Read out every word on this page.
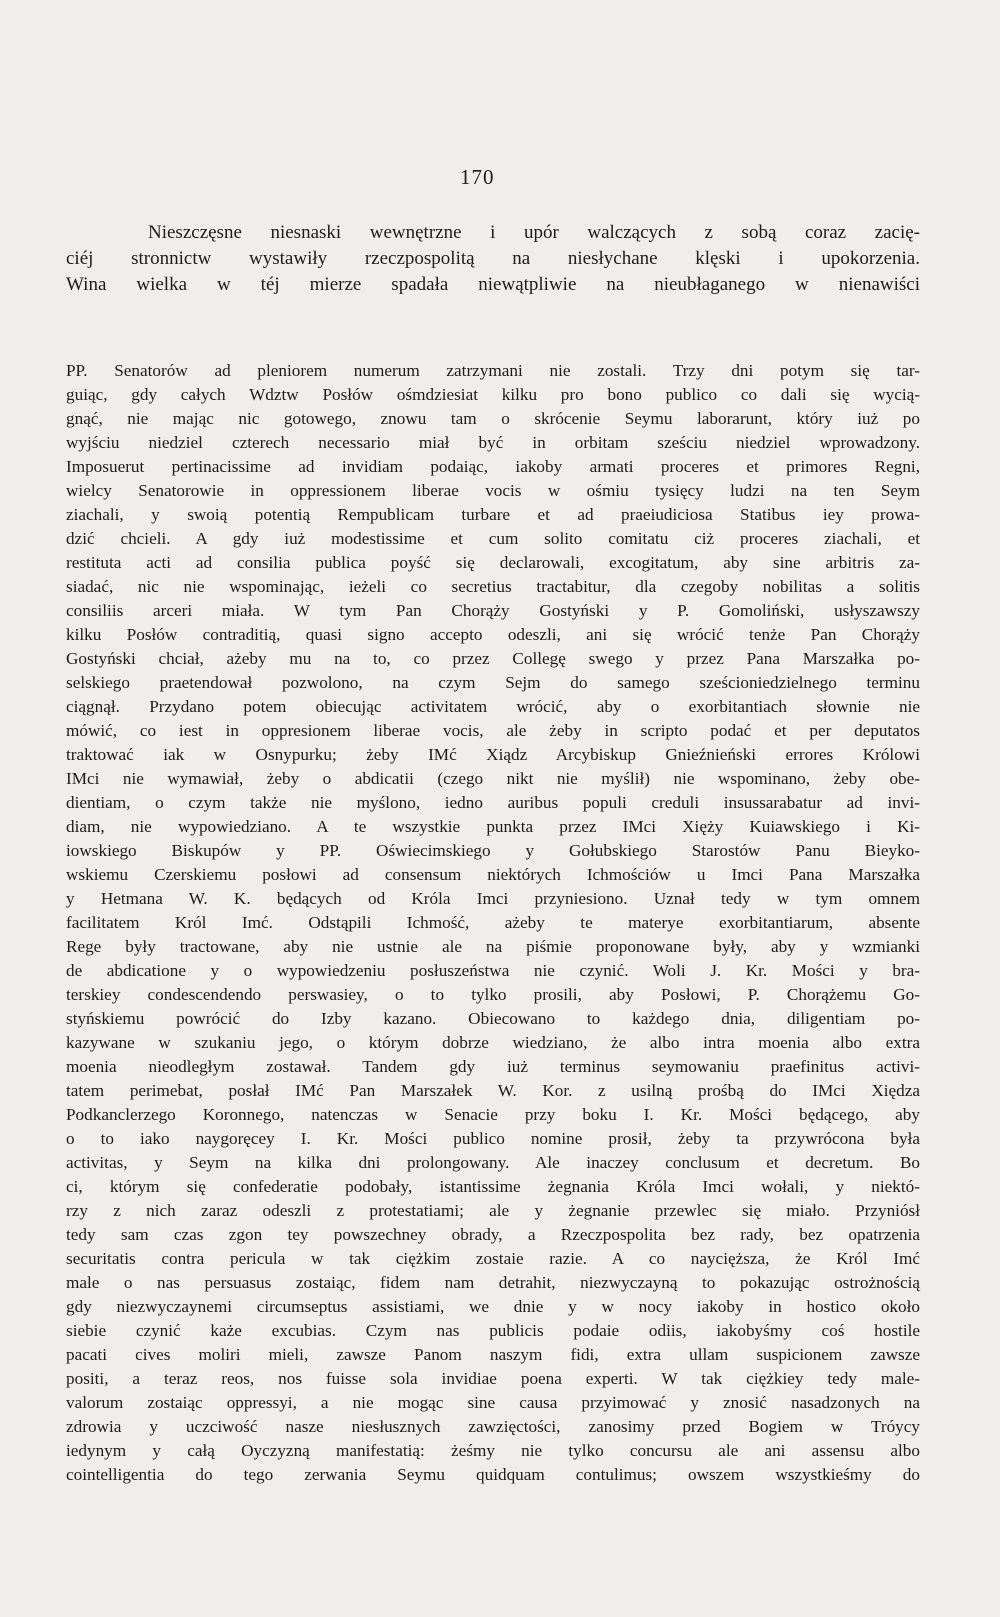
170

Nieszczęsne niesnaski wewnętrzne i upór walczących z sobą coraz zacię-

ciéj stronnictw wystawiły rzeczpospolitą na niesłychane klęski i upokorzenia.

Wina wielka w téj mierze spadała niewątpliwie na nieubłaganego w nienawiści

PP. Senatorów ad pleniorem numerum zatrzymani nie zostali. Trzy dni potym się tar-

guiąc, gdy całych Wdztw Posłów ośmdziesiat kilku pro bono publico co dali się wycią-

gnąć, nie mając nic gotowego, znowu tam o skrócenie Seymu laborarunt, który iuż po

wyjściu niedziel czterech necessario miał być in orbitam sześciu niedziel wprowadzony.

Imposuerut pertinacissime ad invidiam podaiąc, iakoby armati proceres et primores Regni,

wielcy Senatorowie in oppressionem liberae vocis w ośmiu tysięcy ludzi na ten Seym

ziachali, y swoią potentią Rempublicam turbare et ad praeiudiciosa Statibus iey prowa-

dzić chcieli. A gdy iuż modestissime et cum solito comitatu ciż proceres ziachali, et

restituta acti ad consilia publica poyść się declarowali, excogitatum, aby sine arbitris za-

siadać, nic nie wspominając, ieżeli co secretius tractabitur, dla czegoby nobilitas a solitis

consiliis arceri miała. W tym Pan Chorąży Gostyński y P. Gomoliński, usłyszawszy

kilku Posłów contraditią, quasi signo accepto odeszli, ani się wrócić tenże Pan Chorąży

Gostyński chciał, ażeby mu na to, co przez Collegę swego y przez Pana Marszałka po-

selskiego praetendował pozwolono, na czym Sejm do samego sześcioniedzielnego terminu

ciągnął. Przydano potem obiecując activitatem wrócić, aby o exorbitantiach słownie nie

mówić, co iest in oppresionem liberae vocis, ale żeby in scripto podać et per deputatos

traktować iak w Osnypurku; żeby IMć Xiądz Arcybiskup Gnieźnieński errores Królowi

IMci nie wymawiał, żeby o abdicatii (czego nikt nie myślił) nie wspominano, żeby obe-

dientiam, o czym także nie myślono, iedno auribus populi creduli insussarabatur ad invi-

diam, nie wypowiedziano. A te wszystkie punkta przez IMci Xięży Kuiawskiego i Ki-

iowskiego Biskupów y PP. Oświecimskiego y Gołubskiego Starostów Panu Bieyko-

wskiemu Czerskiemu posłowi ad consensum niektórych Ichmościów u Imci Pana Marszałka

y Hetmana W. K. będących od Króla Imci przyniesiono. Uznał tedy w tym omnem

facilitatem Król Imć. Odstąpili Ichmość, ażeby te materye exorbitantiarum, absente

Rege były tractowane, aby nie ustnie ale na piśmie proponowane były, aby y wzmianki

de abdicatione y o wypowiedzeniu posłuszeństwa nie czynić. Woli J. Kr. Mości y bra-

terskiey condescendendo perswasiey, o to tylko prosili, aby Posłowi, P. Chorążemu Go-

styńskiemu powrócić do Izby kazano. Obiecowano to każdego dnia, diligentiam po-

kazywane w szukaniu jego, o którym dobrze wiedziano, że albo intra moenia albo extra

moenia nieodległym zostawał. Tandem gdy iuż terminus seymowaniu praefinitus activi-

tatem perimebat, posłał IMć Pan Marszałek W. Kor. z usilną prośbą do IMci Xiędza

Podkanclerzego Koronnego, natenczas w Senacie przy boku I. Kr. Mości będącego, aby

o to iako naygoręcey I. Kr. Mości publico nomine prosił, żeby ta przywrócona była

activitas, y Seym na kilka dni prolongowany. Ale inaczey conclusum et decretum. Bo

ci, którym się confederatie podobały, istantissime żegnania Króla Imci wołali, y niektó-

rzy z nich zaraz odeszli z protestatiami; ale y żegnanie przewlec się miało. Przyniósł

tedy sam czas zgon tey powszechney obrady, a Rzeczpospolita bez rady, bez opatrzenia

securitatis contra pericula w tak ciężkim zostaie razie. A co naycięższa, że Król Imć

male o nas persuasus zostaiąc, fidem nam detrahit, niezwyczayną to pokazując ostrożnością

gdy niezwyczaynemi circumseptus assistiami, we dnie y w nocy iakoby in hostico około

siebie czynić każe excubias. Czym nas publicis podaie odiis, iakobyśmy coś hostile

pacati cives moliri mieli, zawsze Panom naszym fidi, extra ullam suspicionem zawsze

positi, a teraz reos, nos fuisse sola invidiae poena experti. W tak ciężkiey tedy male-

valorum zostaiąc oppressyi, a nie mogąc sine causa przyimować y znosić nasadzonych na

zdrowia y uczciwość nasze niesłusznych zawzięctości, zanosimy przed Bogiem w Tróycy

iedynym y całą Oyczyzną manifestatią: żeśmy nie tylko concursu ale ani assensu albo

cointelligentia do tego zerwania Seymu quidquam contulimus; owszem wszystkieśmy do
